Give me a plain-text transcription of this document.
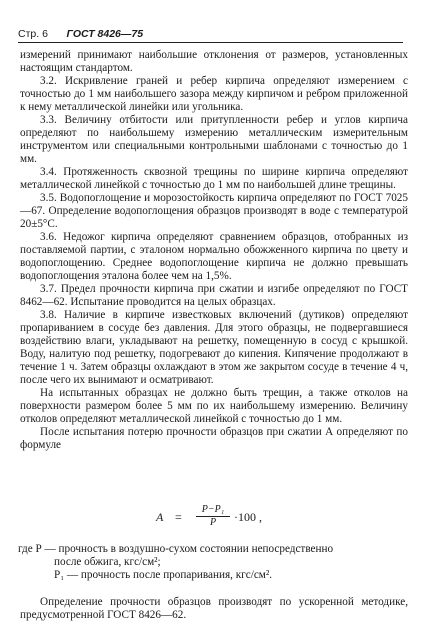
Стр. 6 ГОСТ 8426—75

измерений принимают наибольшие отклонения от размеров, установленных настоящим стандартом.

3.2. Искривление граней и ребер кирпича определяют измерением с точностью до 1 мм наибольшего зазора между кирпичом и ребром приложенной к нему металлической линейки или угольника.

3.3. Величину отбитости или притупленности ребер и углов кирпича определяют по наибольшему измерению металлическим измерительным инструментом или специальными контрольными шаблонами с точностью до 1 мм.

3.4. Протяженность сквозной трещины по ширине кирпича определяют металлической линейкой с точностью до 1 мм по наибольшей длине трещины.

3.5. Водопоглощение и морозостойкость кирпича определяют по ГОСТ 7025—67. Определение водопоглощения образцов производят в воде с температурой 20±5°С.

3.6. Недожог кирпича определяют сравнением образцов, отобранных из поставляемой партии, с эталоном нормально обожженного кирпича по цвету и водопоглощению. Среднее водопоглощение кирпича не должно превышать водопоглощения эталона более чем на 1,5%.

3.7. Предел прочности кирпича при сжатии и изгибе определяют по ГОСТ 8462—62. Испытание проводится на целых образцах.

3.8. Наличие в кирпиче известковых включений (дутиков) определяют пропариванием в сосуде без давления. Для этого образцы, не подвергавшиеся воздействию влаги, укладывают на решетку, помещенную в сосуд с крышкой. Воду, налитую под решетку, подогревают до кипения. Кипячение продолжают в течение 1 ч. Затем образцы охлаждают в этом же закрытом сосуде в течение 4 ч, после чего их вынимают и осматривают.

На испытанных образцах не должно быть трещин, а также отколов на поверхности размером более 5 мм по их наибольшему измерению. Величину отколов определяют металлической линейкой с точностью до 1 мм.

После испытания потерю прочности образцов при сжатии А определяют по формуле

$A = \frac{\text{P−P₁}}{P} \cdot 100$ ,

где Р — прочность в воздушно-сухом состоянии непосредственно

после обжига, кгс/см²;

Р₁ — прочность после пропаривания, кгс/см².

Определение прочности образцов производят по ускоренной методике, предусмотренной ГОСТ 8426—62.
